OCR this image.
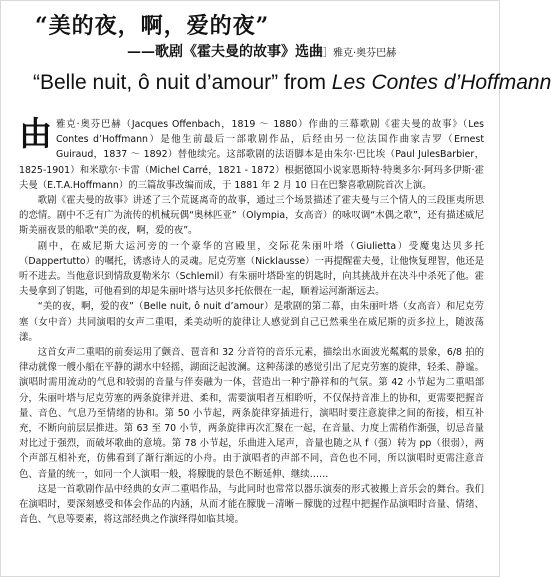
“美的夜，啊，爱的夜”
——歌剧《霍夫曼的故事》选曲
［法］雅克·奥芬巴赫
“Belle nuit, ô nuit d’amour” from Les Contes d’Hoffmann

由雅克·奥芬巴赫（Jacques Offenbach，1819 ～ 1880）作曲的三幕歌剧《霍夫曼的故事》（Les Contes d’Hoffmann）是他生前最后一部歌剧作品，后经由另一位法国作曲家吉罗（Ernest Guiraud，1837 ～ 1892）替他续完。这部歌剧的法语脚本是由朱尔·巴比埃（Paul JulesBarbier，1825-1901）和米歇尔·卡雷（Michel Carré，1821 - 1872）根据德国小说家恩斯特·特奥多尔·阿玛多伊斯·霍夫曼（E.T.A.Hoffmann）的三篇故事改编而成，于 1881 年 2 月 10 日在巴黎喜歌剧院首次上演。

歌剧《霍夫曼的故事》讲述了三个荒诞离奇的故事，通过三个场景描述了霍夫曼与三个情人的三段匪夷所思的恋情。剧中不乏有广为流传的机械玩偶“奥林匹亚”（Olympia，女高音）的咏叹调“木偶之歌”，还有描述威尼斯美丽夜景的船歌“美的夜，啊，爱的夜”。

剧中，在威尼斯大运河旁的一个豪华的宫殿里，交际花朱丽叶塔（Giulietta）受魔鬼达贝多托（Dappertutto）的嘱托，诱惑诗人的灵魂。尼克劳塞（Nicklausse）一再提醒霍夫曼，让他恢复理智，他还是听不进去。当他意识到情敌夏勒米尔（Schlemil）有朱丽叶塔卧室的钥匙时，向其挑战并在决斗中杀死了他。霍夫曼拿到了钥匙，可他看到的却是朱丽叶塔与达贝多托依偎在一起，顺着运河渐渐远去。

“美的夜，啊，爱的夜”（Belle nuit, ô nuit d’amour）是歌剧的第二幕，由朱丽叶塔（女高音）和尼克劳塞（女中音）共同演唱的女声二重唱，柔美动听的旋律让人感觉到自己已然乘坐在威尼斯的贡多拉上，随波荡漾。

这首女声二重唱的前奏运用了颤音、琶音和 32 分音符的音乐元素，描绘出水面波光粼粼的景象，6/8 拍的律动就像一艘小船在平静的湖水中轻摇，湖面泛起波澜。这种荡漾的感觉引出了尼克劳塞的旋律，轻柔、静谧。演唱时需用流动的气息和较弱的音量与伴奏融为一体，营造出一种宁静祥和的气氛。第 42 小节起为二重唱部分，朱丽叶塔与尼克劳塞的两条旋律并进、柔和，需要演唱者互相聆听，不仅保持音准上的协和，更需要把握音量、音色、气息乃至情绪的协和。第 50 小节起，两条旋律穿插进行，演唱时要注意旋律之间的衔接，相互补充，不断向前层层推进。第 63 至 70 小节，两条旋律再次汇聚在一起，在音量、力度上需稍作渐强，切忌音量对比过于强烈，而破坏歌曲的意境。第 78 小节起，乐曲进入尾声，音量也随之从 f（强）转为 pp（很弱），两个声部互相补充，仿佛看到了渐行渐远的小舟。由于演唱者的声部不同，音色也不同，所以演唱时更需注意音色、音量的统一，如同一个人演唱一般，将朦胧的景色不断延伸、继续……

这是一首歌剧作品中经典的女声二重唱作品，与此同时也常常以器乐演奏的形式被搬上音乐会的舞台。我们在演唱时，要深刻感受和体会作品的内涵，从而才能在朦胧－清晰－朦胧的过程中把握作品演唱时音量、情绪、音色、气息等要素，将这部经典之作演绎得如临其境。
